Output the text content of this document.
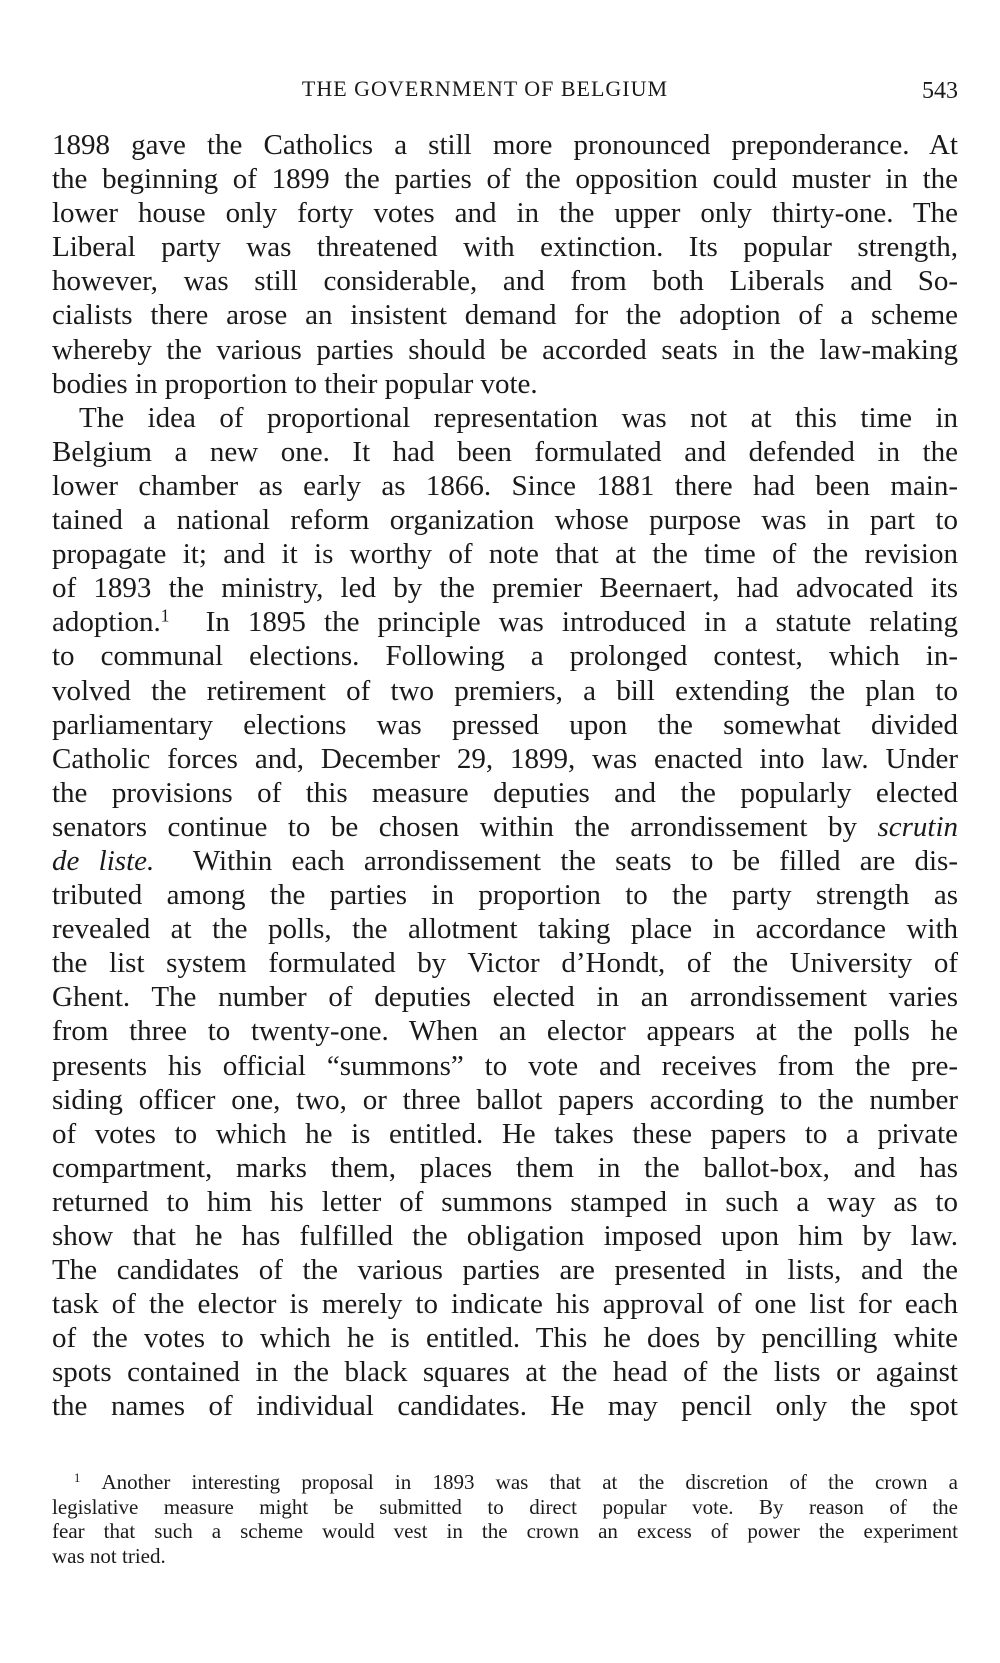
THE GOVERNMENT OF BELGIUM	543
1898 gave the Catholics a still more pronounced preponderance. At
the beginning of 1899 the parties of the opposition could muster in the
lower house only forty votes and in the upper only thirty-one. The
Liberal party was threatened with extinction. Its popular strength,
however, was still considerable, and from both Liberals and So-
cialists there arose an insistent demand for the adoption of a scheme
whereby the various parties should be accorded seats in the law-making
bodies in proportion to their popular vote.
The idea of proportional representation was not at this time in
Belgium a new one. It had been formulated and defended in the
lower chamber as early as 1866. Since 1881 there had been main-
tained a national reform organization whose purpose was in part to
propagate it; and it is worthy of note that at the time of the revision
of 1893 the ministry, led by the premier Beernaert, had advocated its
adoption.$^1$ In 1895 the principle was introduced in a statute relating
to communal elections. Following a prolonged contest, which in-
volved the retirement of two premiers, a bill extending the plan to
parliamentary elections was pressed upon the somewhat divided
Catholic forces and, December 29, 1899, was enacted into law. Under
the provisions of this measure deputies and the popularly elected
senators continue to be chosen within the arrondissement by scrutin
de liste. Within each arrondissement the seats to be filled are dis-
tributed among the parties in proportion to the party strength as
revealed at the polls, the allotment taking place in accordance with
the list system formulated by Victor d’Hondt, of the University of
Ghent. The number of deputies elected in an arrondissement varies
from three to twenty-one. When an elector appears at the polls he
presents his official “summons” to vote and receives from the pre-
siding officer one, two, or three ballot papers according to the number
of votes to which he is entitled. He takes these papers to a private
compartment, marks them, places them in the ballot-box, and has
returned to him his letter of summons stamped in such a way as to
show that he has fulfilled the obligation imposed upon him by law.
The candidates of the various parties are presented in lists, and the
task of the elector is merely to indicate his approval of one list for each
of the votes to which he is entitled. This he does by pencilling white
spots contained in the black squares at the head of the lists or against
the names of individual candidates. He may pencil only the spot
$^1$ Another interesting proposal in 1893 was that at the discretion of the crown a
legislative measure might be submitted to direct popular vote. By reason of the
fear that such a scheme would vest in the crown an excess of power the experiment
was not tried.
